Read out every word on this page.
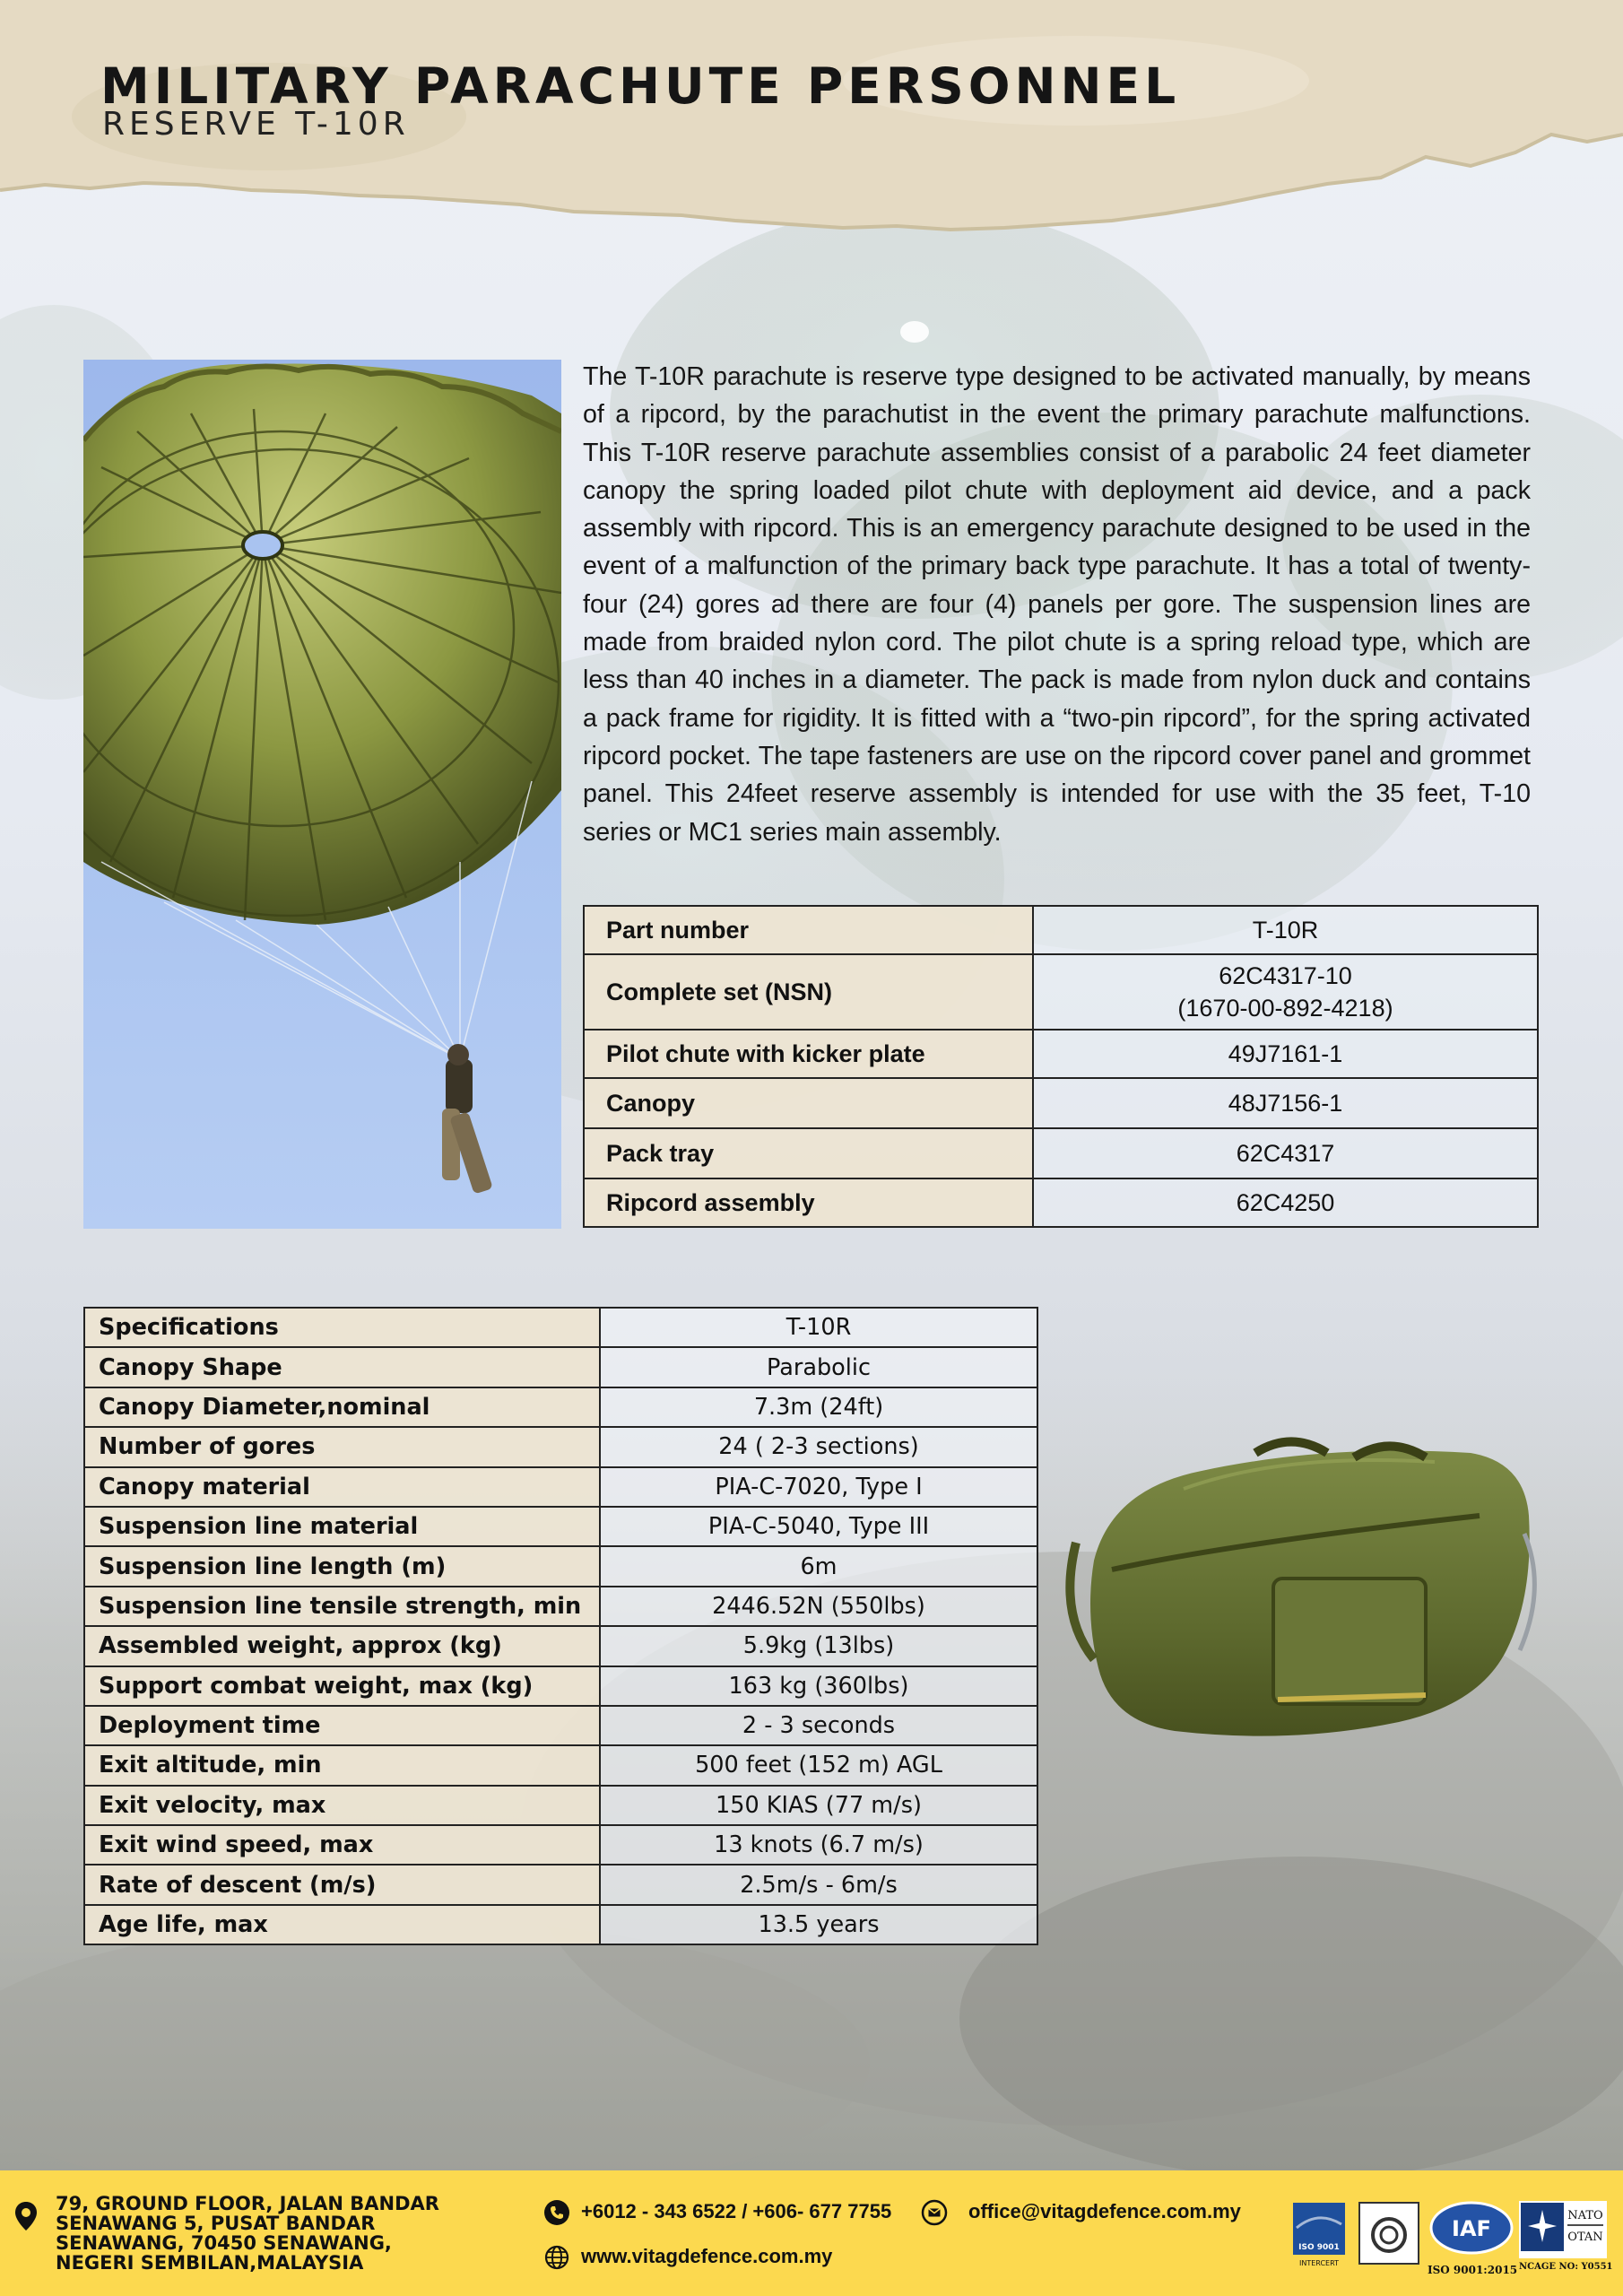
MILITARY PARACHUTE PERSONNEL
RESERVE T-10R

The T-10R parachute is reserve type designed to be activated manually, by means of a ripcord, by the parachutist in the event the primary parachute malfunctions. This T-10R reserve parachute assemblies consist of a parabolic 24 feet diameter canopy the spring loaded pilot chute with deployment aid device, and a pack assembly with ripcord. This is an emergency parachute designed to be used in the event of a malfunction of the primary back type parachute. It has a total of twenty-four (24) gores ad there are four (4) panels per gore. The suspension lines are made from braided nylon cord. The pilot chute is a spring reload type, which are less than 40 inches in a diameter. The pack is made from nylon duck and contains a pack frame for rigidity. It is fitted with a “two-pin ripcord”, for the spring activated ripcord pocket. The tape fasteners are use on the ripcord cover panel and grommet panel. This 24feet reserve assembly is intended for use with the 35 feet, T-10 series or MC1 series main assembly.

Part number	T-10R
Complete set (NSN)	62C4317-10
(1670-00-892-4218)

Pilot chute with kicker plate	49J7161-1
Canopy	48J7156-1
Pack tray	62C4317
Ripcord assembly	62C4250
Specifications	T-10R
Canopy Shape	Parabolic
Canopy Diameter,nominal	7.3m (24ft)
Number of gores	24 ( 2-3 sections)
Canopy material	PIA-C-7020, Type I
Suspension line material	PIA-C-5040, Type III
Suspension line length (m)	6m
Suspension line tensile strength, min	2446.52N (550lbs)
Assembled weight, approx (kg)	5.9kg (13lbs)
Support combat weight, max (kg)	163 kg (360lbs)
Deployment time	2 - 3 seconds
Exit altitude, min	500 feet (152 m) AGL
Exit velocity, max	150 KIAS (77 m/s)
Exit wind speed, max	13 knots (6.7 m/s)
Rate of descent (m/s)	2.5m/s - 6m/s
Age life, max	13.5 years
79, GROUND FLOOR, JALAN BANDAR
SENAWANG 5, PUSAT BANDAR
SENAWANG, 70450 SENAWANG,
NEGERI SEMBILAN,MALAYSIA
+6012 - 343 6522 / +606- 677 7755	office@vitagdefence.com.my
www.vitagdefence.com.my	ISO 9001
INTERCERT
IAF
ISO 9001:2015
NATO
OTAN
NCAGE NO: Y0551
